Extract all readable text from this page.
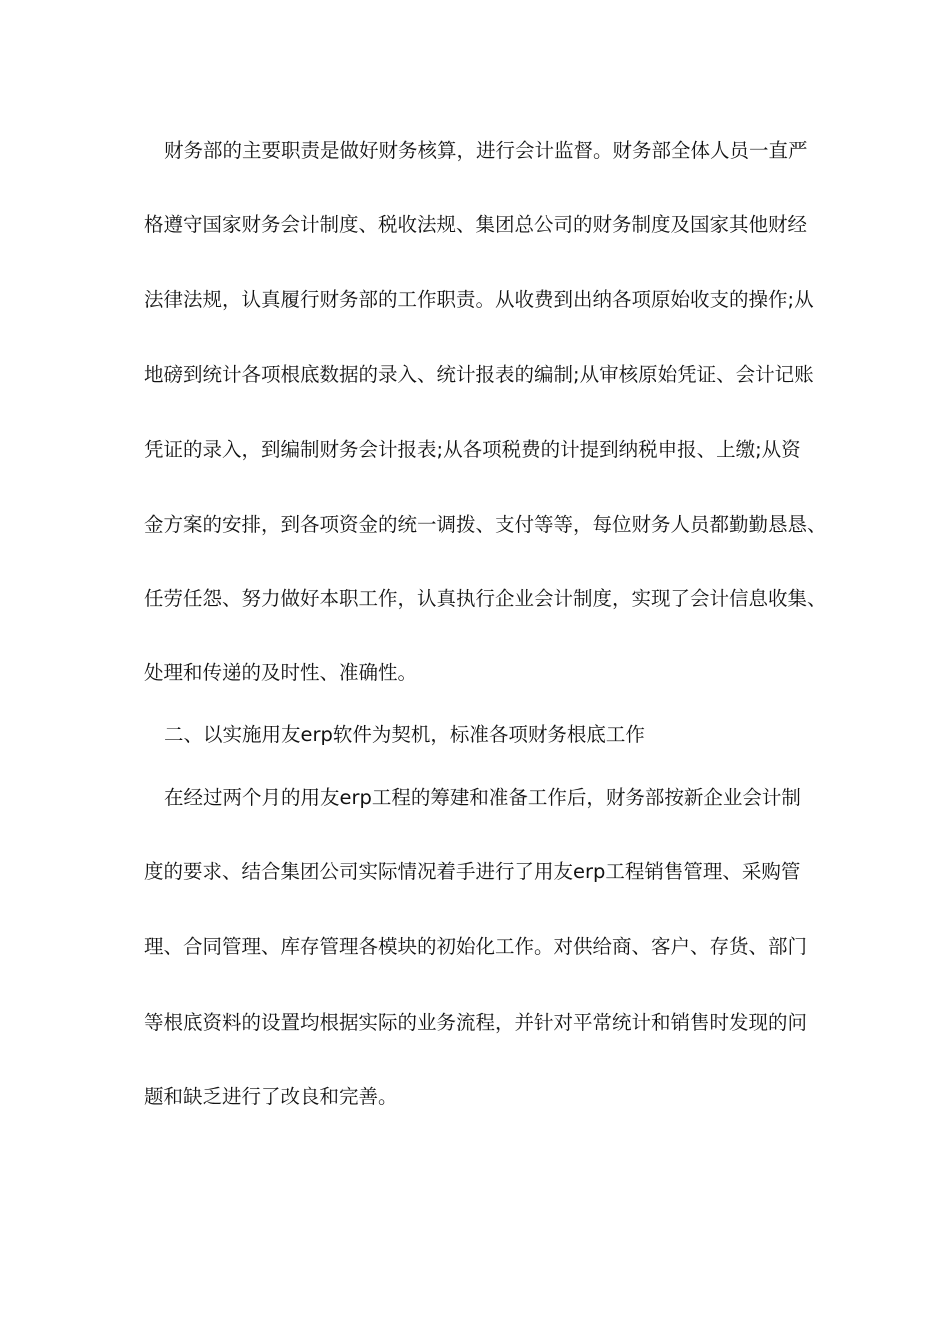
财务部的主要职责是做好财务核算，进行会计监督。财务部全体人员一直严
格遵守国家财务会计制度、税收法规、集团总公司的财务制度及国家其他财经
法律法规，认真履行财务部的工作职责。从收费到出纳各项原始收支的操作;从
地磅到统计各项根底数据的录入、统计报表的编制;从审核原始凭证、会计记账
凭证的录入，到编制财务会计报表;从各项税费的计提到纳税申报、上缴;从资
金方案的安排，到各项资金的统一调拨、支付等等，每位财务人员都勤勤恳恳、
任劳任怨、努力做好本职工作，认真执行企业会计制度，实现了会计信息收集、
处理和传递的及时性、准确性。
二、以实施用友erp软件为契机，标准各项财务根底工作
在经过两个月的用友erp工程的筹建和准备工作后，财务部按新企业会计制
度的要求、结合集团公司实际情况着手进行了用友erp工程销售管理、采购管
理、合同管理、库存管理各模块的初始化工作。对供给商、客户、存货、部门
等根底资料的设置均根据实际的业务流程，并针对平常统计和销售时发现的问
题和缺乏进行了改良和完善。
